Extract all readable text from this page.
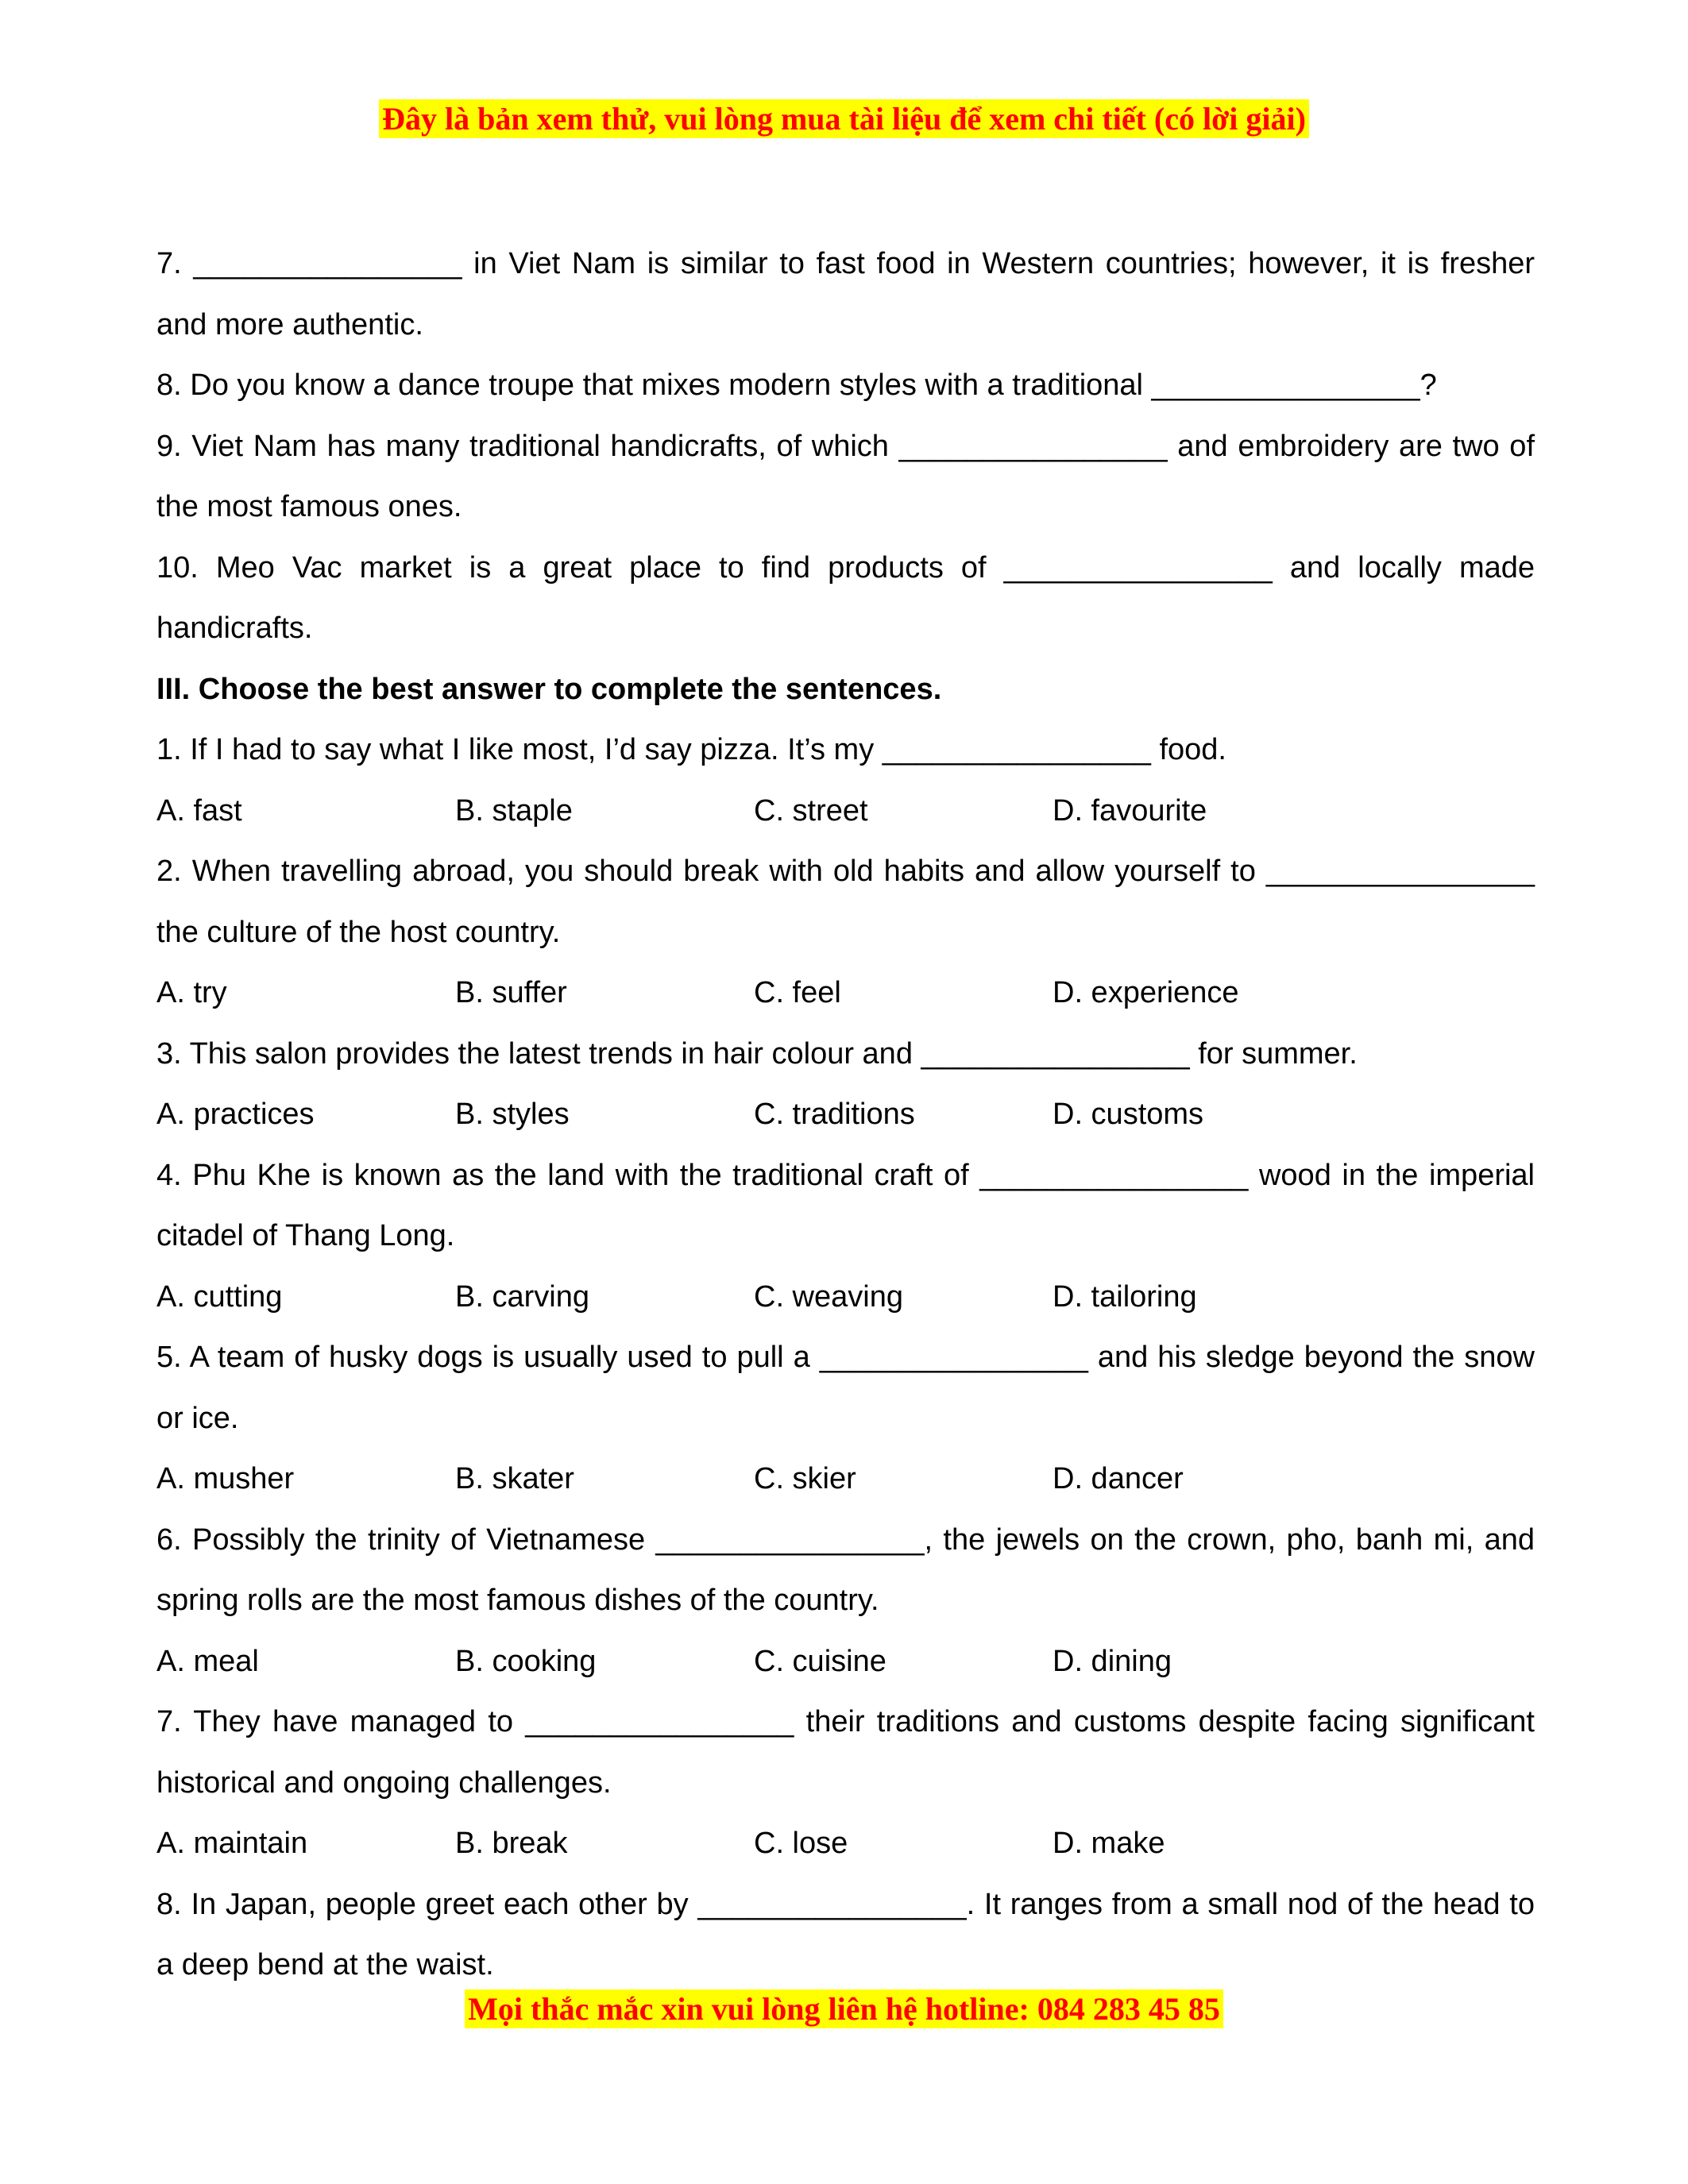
Đây là bản xem thử, vui lòng mua tài liệu để xem chi tiết (có lời giải)
7. ________________ in Viet Nam is similar to fast food in Western countries; however, it is fresher
and more authentic.
8. Do you know a dance troupe that mixes modern styles with a traditional ________________?
9. Viet Nam has many traditional handicrafts, of which ________________ and embroidery are two of
the most famous ones.
10. Meo Vac market is a great place to find products of ________________ and locally made
handicrafts.
III. Choose the best answer to complete the sentences.
1. If I had to say what I like most, I’d say pizza. It’s my ________________ food.
A. fast	B. staple	C. street	D. favourite
2. When travelling abroad, you should break with old habits and allow yourself to ________________
the culture of the host country.
A. try	B. suffer	C. feel	D. experience
3. This salon provides the latest trends in hair colour and ________________ for summer.
A. practices	B. styles	C. traditions	D. customs
4. Phu Khe is known as the land with the traditional craft of ________________ wood in the imperial
citadel of Thang Long.
A. cutting	B. carving	C. weaving	D. tailoring
5. A team of husky dogs is usually used to pull a ________________ and his sledge beyond the snow
or ice.
A. musher	B. skater	C. skier	D. dancer
6. Possibly the trinity of Vietnamese ________________, the jewels on the crown, pho, banh mi, and
spring rolls are the most famous dishes of the country.
A. meal	B. cooking	C. cuisine	D. dining
7. They have managed to ________________ their traditions and customs despite facing significant
historical and ongoing challenges.
A. maintain	B. break	C. lose	D. make
8. In Japan, people greet each other by ________________. It ranges from a small nod of the head to
a deep bend at the waist.
Mọi thắc mắc xin vui lòng liên hệ hotline: 084 283 45 85
